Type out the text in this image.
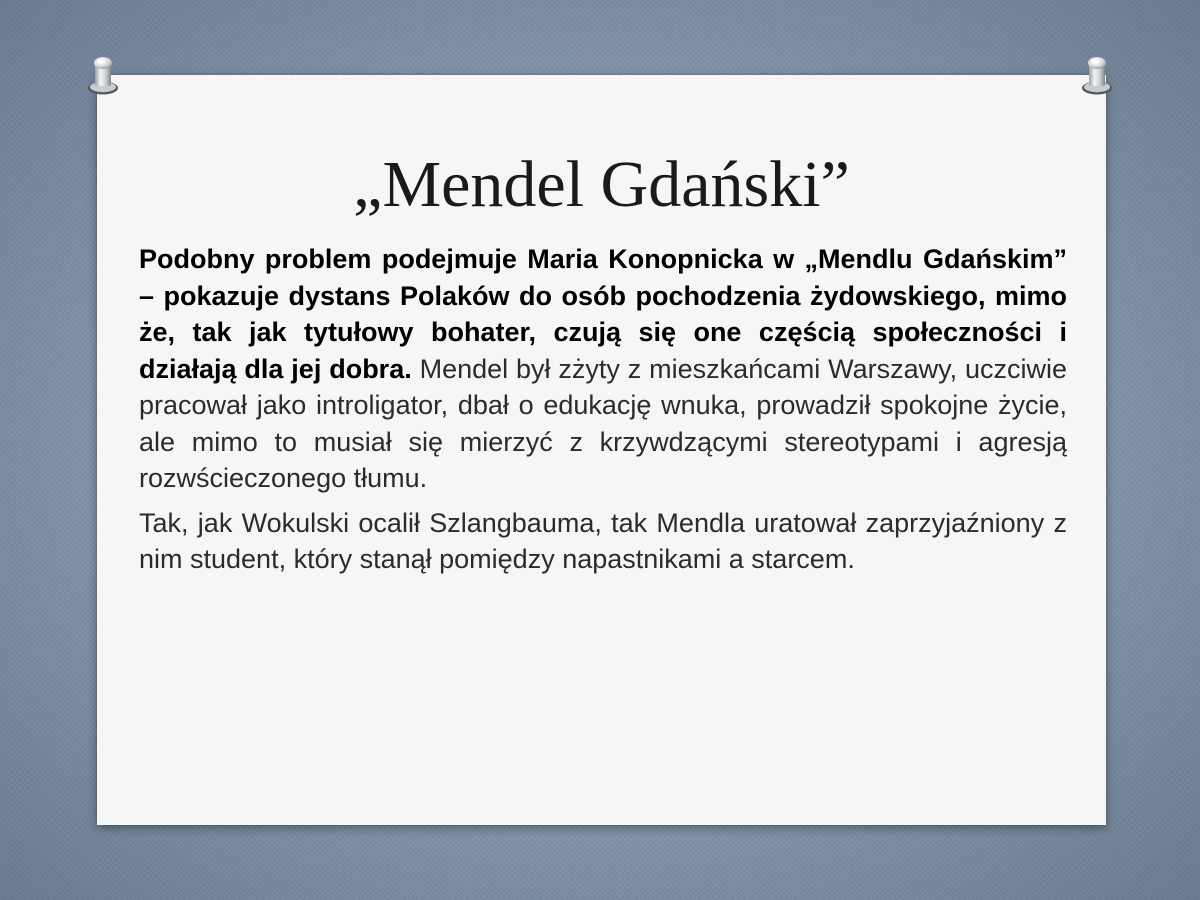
„Mendel Gdański”

Podobny problem podejmuje Maria Konopnicka w „Mendlu Gdańskim” – pokazuje dystans Polaków do osób pochodzenia żydowskiego, mimo że, tak jak tytułowy bohater, czują się one częścią społeczności i działają dla jej dobra. Mendel był zżyty z mieszkańcami Warszawy, uczciwie pracował jako introligator, dbał o edukację wnuka, prowadził spokojne życie, ale mimo to musiał się mierzyć z krzywdzącymi stereotypami i agresją rozwścieczonego tłumu.

Tak, jak Wokulski ocalił Szlangbauma, tak Mendla uratował zaprzyjaźniony z nim student, który stanął pomiędzy napastnikami a starcem.
